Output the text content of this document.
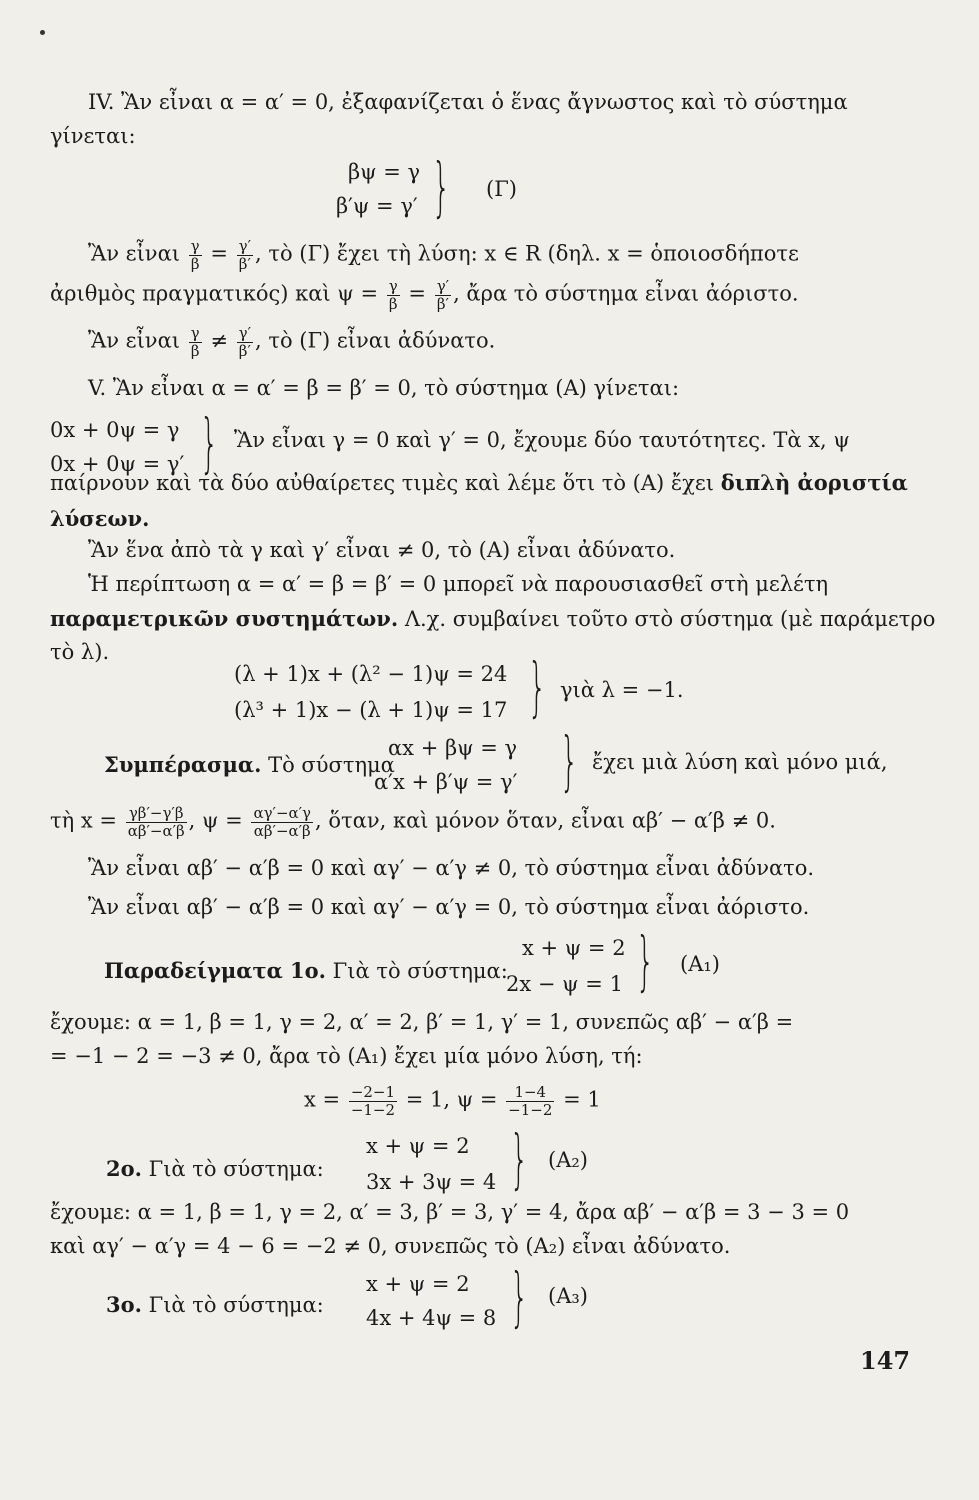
IV. Ἂν εἶναι α = α′ = 0, ἐξαφανίζεται ὁ ἕνας ἄγνωστος καὶ τὸ σύστημα
γίνεται:
βψ = γ
β′ψ = γ′ } (Γ)
Ἂν εἶναι $\frac{\gamma}{\beta} = \frac{\gamma'}{\beta'}$ , τὸ (Γ) ἔχει τὴ λύση: x ∈ R (δηλ. x = ὁποιοσδήποτε
ἀριθμὸς πραγματικός) καὶ $\psi = \frac{\gamma}{\beta} = \frac{\gamma'}{\beta'}$ , ἄρα τὸ σύστημα εἶναι ἀόριστο.
Ἂν εἶναι $\frac{\gamma}{\beta} \ne \frac{\gamma'}{\beta'}$ , τὸ (Γ) εἶναι ἀδύνατο.
V. Ἂν εἶναι α = α′ = β = β′ = 0, τὸ σύστημα (Α) γίνεται:
0x + 0ψ = γ
0x + 0ψ = γ′ } Ἂν εἶναι γ = 0 καὶ γ′ = 0, ἔχουμε δύο ταυτότητες. Τὰ x, ψ
παίρνουν καὶ τὰ δύο αὐθαίρετες τιμὲς καὶ λέμε ὅτι τὸ (Α) ἔχει διπλὴ ἀοριστία
λύσεων.
Ἂν ἕνα ἀπὸ τὰ γ καὶ γ′ εἶναι ≠ 0, τὸ (Α) εἶναι ἀδύνατο.
Ἡ περίπτωση α = α′ = β = β′ = 0 μπορεῖ νὰ παρουσιασθεῖ στὴ μελέτη
παραμετρικῶν συστημάτων. Λ.χ. συμβαίνει τοῦτο στὸ σύστημα (μὲ παράμετρο
τὸ λ).
(λ + 1)x + (λ² − 1)ψ = 24
(λ³ + 1)x − (λ + 1)ψ = 17 } γιὰ λ = −1.
Συμπέρασμα. Τὸ σύστημα
αx + βψ = γ
α′x + β′ψ = γ′ } ἔχει μιὰ λύση καὶ μόνο μιά,
τὴ $x = \frac{\gamma\beta'-\gamma'\beta}{\alpha\beta'-\alpha'\beta}$ , $\psi = \frac{\alpha\gamma'-\alpha'\gamma}{\alpha\beta'-\alpha'\beta}$ , ὅταν, καὶ μόνον ὅταν, εἶναι αβ′ − α′β ≠ 0.
Ἂν εἶναι αβ′ − α′β = 0 καὶ αγ′ − α′γ ≠ 0, τὸ σύστημα εἶναι ἀδύνατο.
Ἂν εἶναι αβ′ − α′β = 0 καὶ αγ′ − α′γ = 0, τὸ σύστημα εἶναι ἀόριστο.
Παραδείγματα 1ο. Γιὰ τὸ σύστημα:
x + ψ = 2
2x − ψ = 1 } (Α₁)
ἔχουμε: α = 1, β = 1, γ = 2, α′ = 2, β′ = 1, γ′ = 1, συνεπῶς αβ′ − α′β =
= −1 − 2 = −3 ≠ 0, ἄρα τὸ (Α₁) ἔχει μία μόνο λύση, τή:
$x = \frac{-2-1}{-1-2} = 1$, $\psi = \frac{1-4}{-1-2} = 1$
2ο. Γιὰ τὸ σύστημα:
x + ψ = 2
3x + 3ψ = 4 } (Α₂)
ἔχουμε: α = 1, β = 1, γ = 2, α′ = 3, β′ = 3, γ′ = 4, ἄρα αβ′ − α′β = 3 − 3 = 0
καὶ αγ′ − α′γ = 4 − 6 = −2 ≠ 0, συνεπῶς τὸ (Α₂) εἶναι ἀδύνατο.
3ο. Γιὰ τὸ σύστημα:
x + ψ = 2
4x + 4ψ = 8 } (Α₃)
147
